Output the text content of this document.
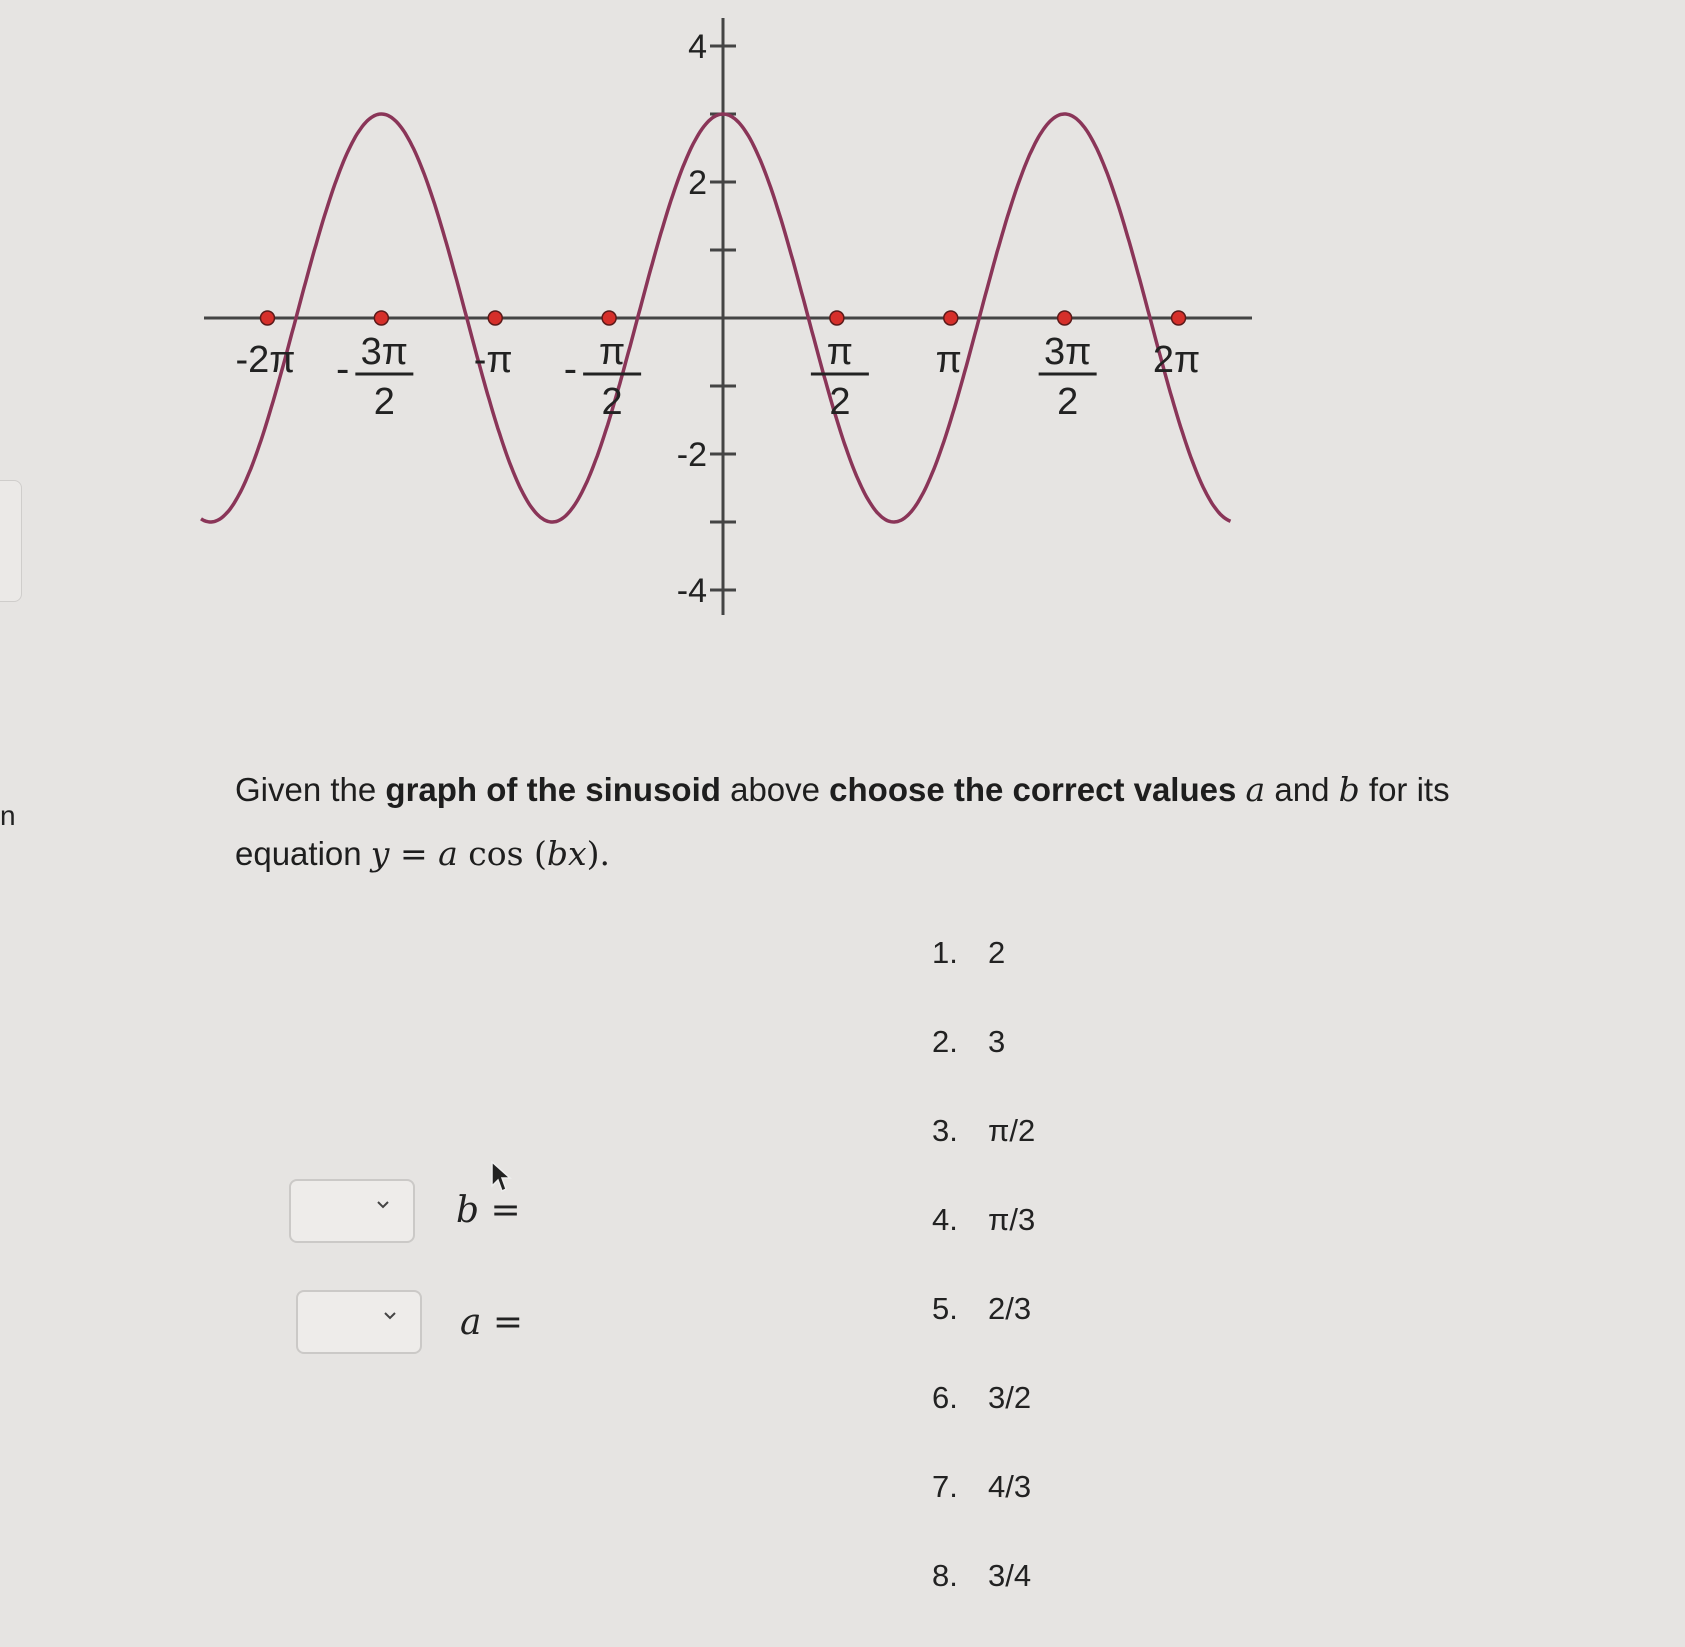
n
4
2
-2
-4
-2π 3π
2
-	-π π
2
-	π
2
π 3π
2
2π
Given the graph of the sinusoid above choose the correct values a and b for its
equation y = a cos (bx).
1. 2
2. 3
3. π/2
4. π/3
5. 2/3
6. 3/2
7. 4/3
8. 3/4
b =
a =
